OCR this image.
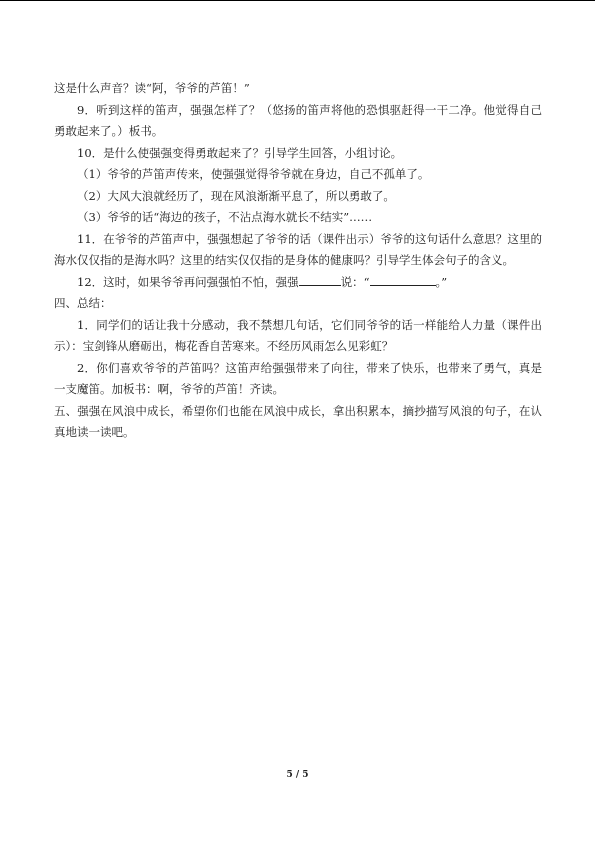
这是什么声音？读“阿，爷爷的芦笛！”

9．听到这样的笛声，强强怎样了？（悠扬的笛声将他的恐惧驱赶得一干二净。他觉得自己勇敢起来了。）板书。

10．是什么使强强变得勇敢起来了？引导学生回答，小组讨论。

（1）爷爷的芦笛声传来，使强强觉得爷爷就在身边，自己不孤单了。

（2）大风大浪就经历了，现在风浪渐渐平息了，所以勇敢了。

（3）爷爷的话“海边的孩子，不沾点海水就长不结实”……

11．在爷爷的芦笛声中，强强想起了爷爷的话（课件出示）爷爷的这句话什么意思？这里的海水仅仅指的是海水吗？这里的结实仅仅指的是身体的健康吗？引导学生体会句子的含义。

12．这时，如果爷爷再问强强怕不怕，强强	说：“	。”

四、总结：

1．同学们的话让我十分感动，我不禁想几句话，它们同爷爷的话一样能给人力量（课件出示）：宝剑锋从磨砺出，梅花香自苦寒来。不经历风雨怎么见彩虹？

2．你们喜欢爷爷的芦笛吗？这笛声给强强带来了向往，带来了快乐，也带来了勇气，真是一支魔笛。加板书：啊，爷爷的芦笛！齐读。

五、强强在风浪中成长，希望你们也能在风浪中成长，拿出积累本，摘抄描写风浪的句子，在认真地读一读吧。

5 / 5
